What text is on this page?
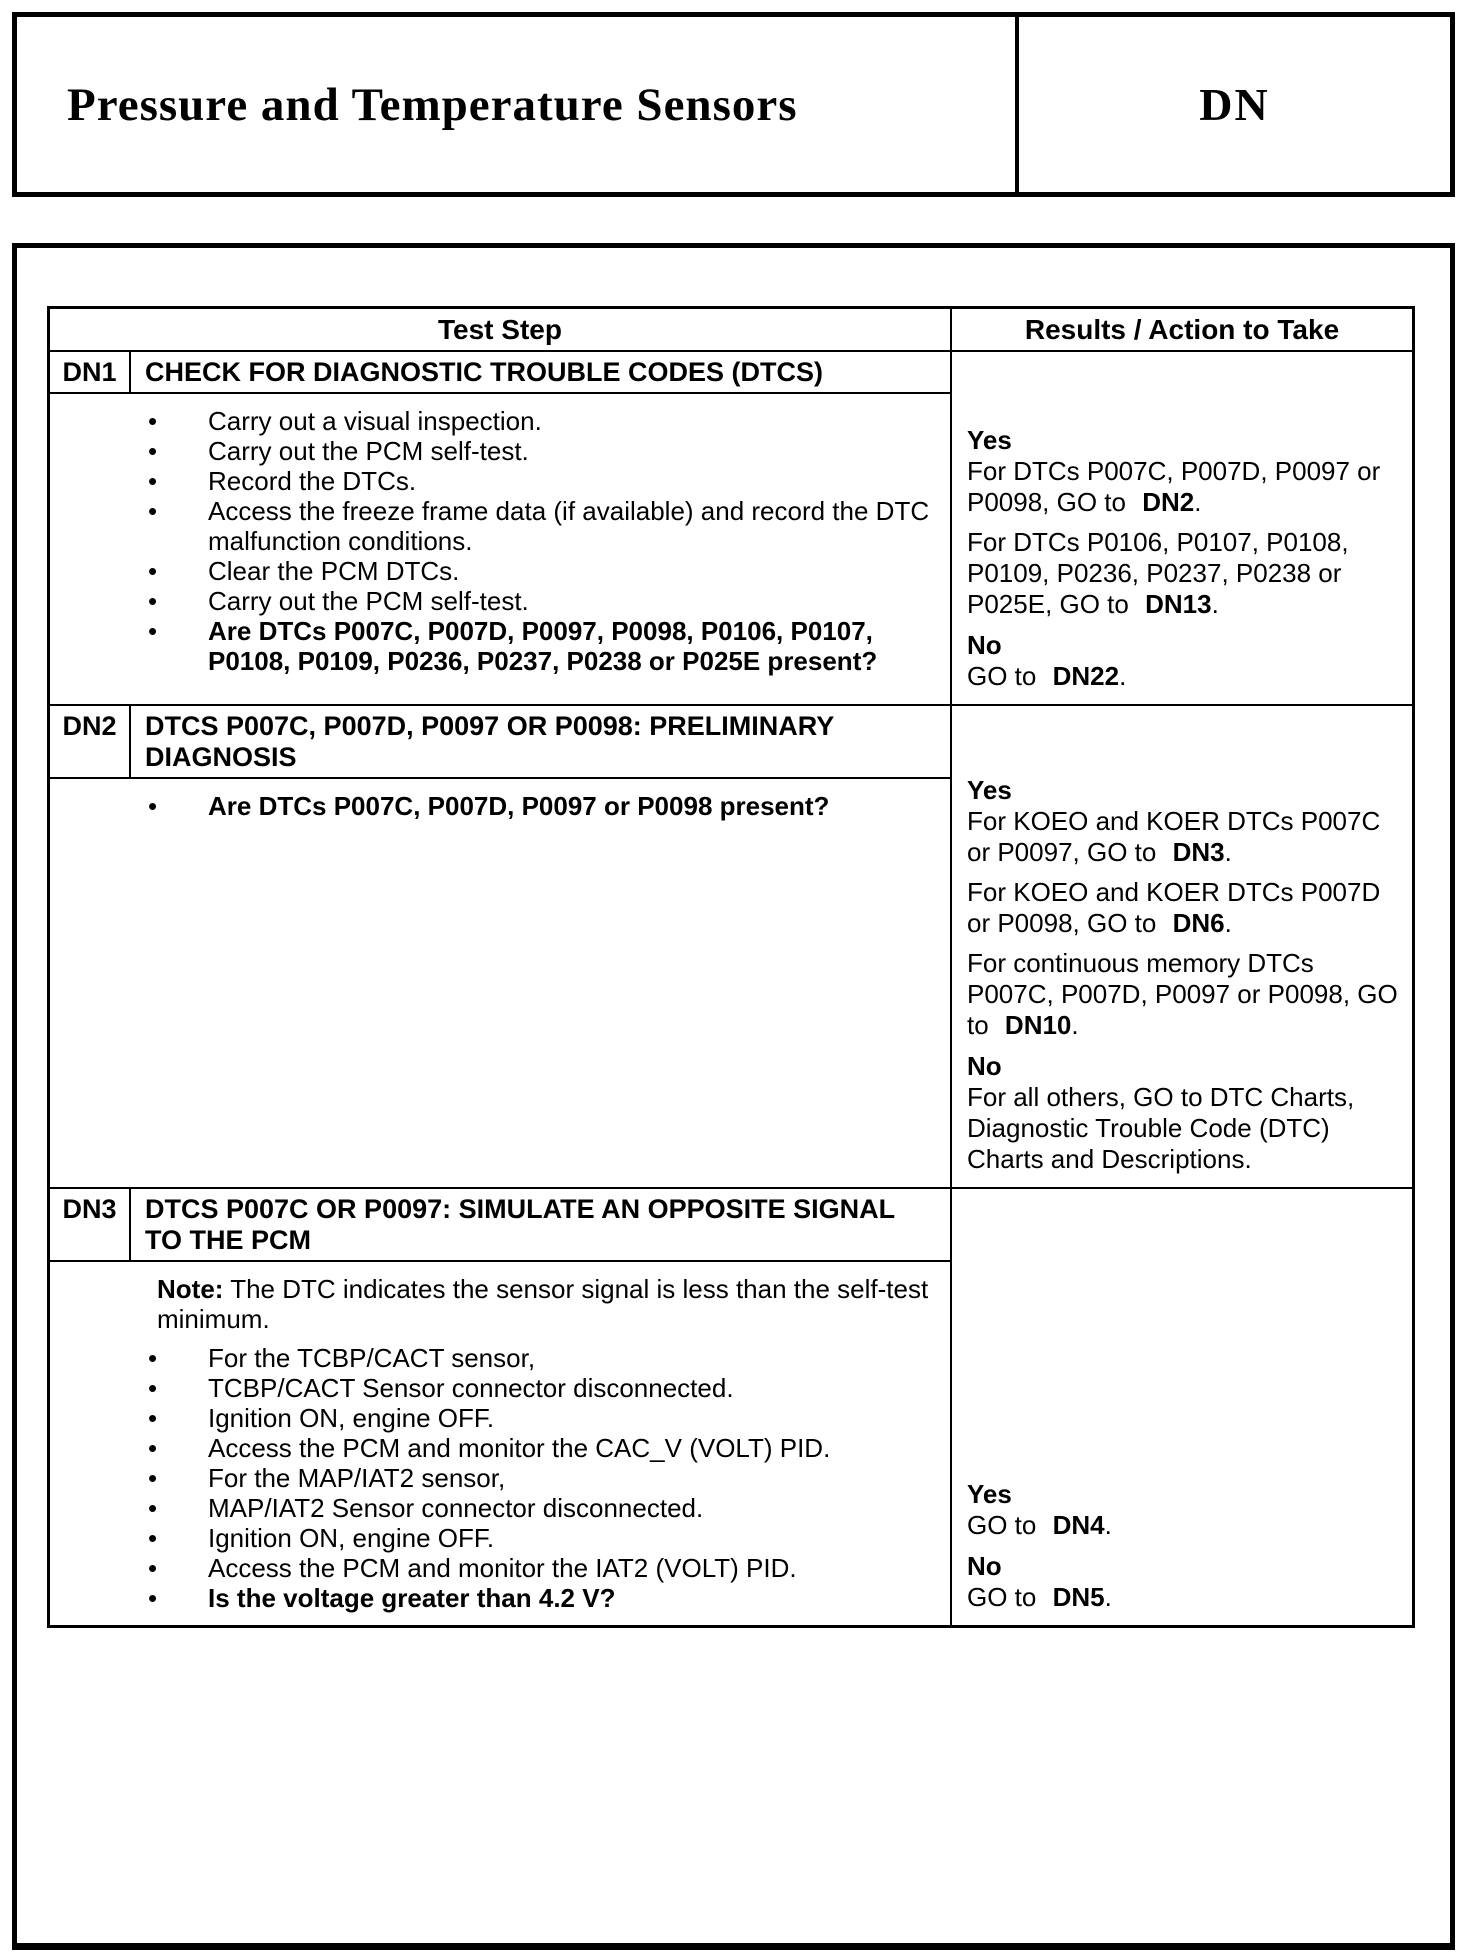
Pressure and Temperature Sensors	DN
Test Step	Results / Action to Take
DN1	CHECK FOR DIAGNOSTIC TROUBLE CODES (DTCS)
• Carry out a visual inspection.
• Carry out the PCM self-test.
• Record the DTCs.
• Access the freeze frame data (if available) and record the DTC malfunction conditions.
• Clear the PCM DTCs.
• Carry out the PCM self-test.
• Are DTCs P007C, P007D, P0097, P0098, P0106, P0107, P0108, P0109, P0236, P0237, P0238 or P025E present?
Yes
For DTCs P007C, P007D, P0097 or P0098, GO to DN2.
For DTCs P0106, P0107, P0108, P0109, P0236, P0237, P0238 or P025E, GO to DN13.
No
GO to DN22.
DN2	DTCS P007C, P007D, P0097 OR P0098: PRELIMINARY DIAGNOSIS
• Are DTCs P007C, P007D, P0097 or P0098 present?
Yes
For KOEO and KOER DTCs P007C or P0097, GO to DN3.
For KOEO and KOER DTCs P007D or P0098, GO to DN6.
For continuous memory DTCs P007C, P007D, P0097 or P0098, GO to DN10.
No
For all others, GO to DTC Charts, Diagnostic Trouble Code (DTC) Charts and Descriptions.
DN3	DTCS P007C OR P0097: SIMULATE AN OPPOSITE SIGNAL TO THE PCM
Note: The DTC indicates the sensor signal is less than the self-test minimum.
• For the TCBP/CACT sensor,
• TCBP/CACT Sensor connector disconnected.
• Ignition ON, engine OFF.
• Access the PCM and monitor the CAC_V (VOLT) PID.
• For the MAP/IAT2 sensor,
• MAP/IAT2 Sensor connector disconnected.
• Ignition ON, engine OFF.
• Access the PCM and monitor the IAT2 (VOLT) PID.
• Is the voltage greater than 4.2 V?
Yes
GO to DN4.
No
GO to DN5.
